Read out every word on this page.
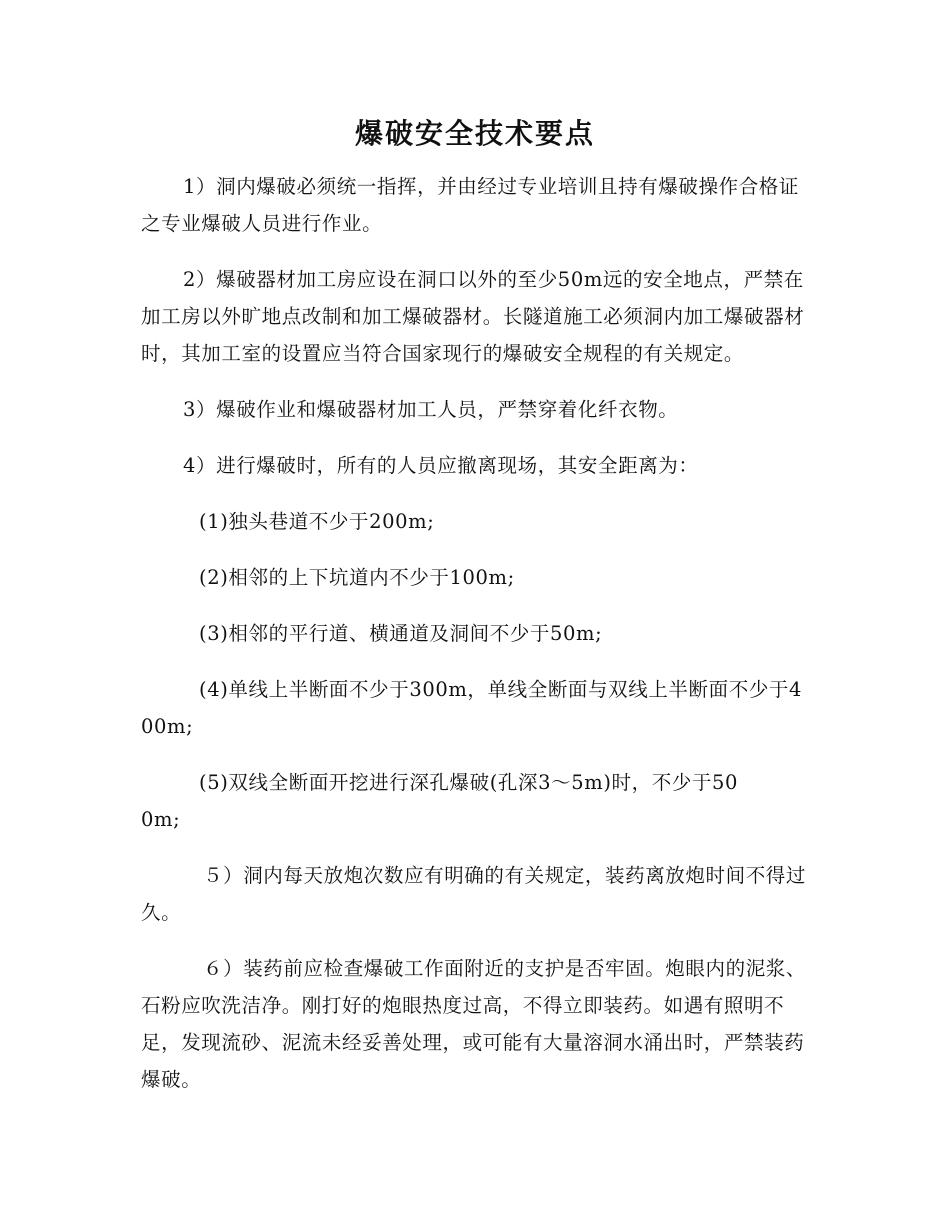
爆破安全技术要点

1）洞内爆破必须统一指挥，并由经过专业培训且持有爆破操作合格证之专业爆破人员进行作业。

2）爆破器材加工房应设在洞口以外的至少50m远的安全地点，严禁在加工房以外旷地点改制和加工爆破器材。长隧道施工必须洞内加工爆破器材时，其加工室的设置应当符合国家现行的爆破安全规程的有关规定。

3）爆破作业和爆破器材加工人员，严禁穿着化纤衣物。

4）进行爆破时，所有的人员应撤离现场，其安全距离为：

(1)独头巷道不少于200m;

(2)相邻的上下坑道内不少于100m;

(3)相邻的平行道、横通道及洞间不少于50m;

(4)单线上半断面不少于300m，单线全断面与双线上半断面不少于400m;

(5)双线全断面开挖进行深孔爆破(孔深3～5m)时，不少于500m;

５）洞内每天放炮次数应有明确的有关规定，装药离放炮时间不得过久。

６）装药前应检查爆破工作面附近的支护是否牢固。炮眼内的泥浆、石粉应吹洗洁净。刚打好的炮眼热度过高，不得立即装药。如遇有照明不足，发现流砂、泥流未经妥善处理，或可能有大量溶洞水涌出时，严禁装药爆破。
